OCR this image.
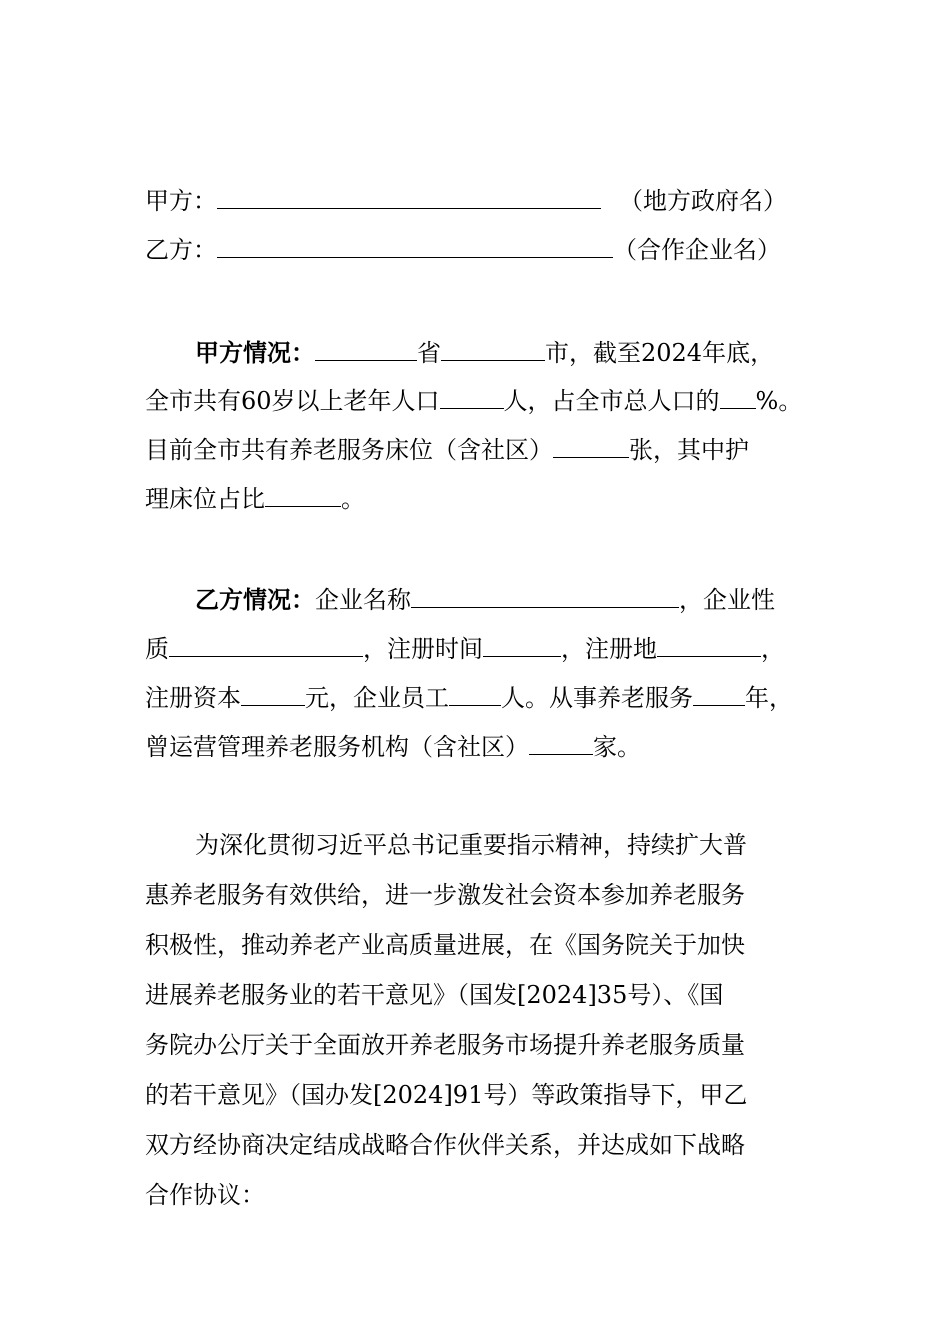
甲方：	（地方政府名）
乙方：	（合作企业名）
甲方情况：	省	市，截至2024年底，
全市共有60岁以上老年人口	人，占全市总人口的 %。
目前全市共有养老服务床位（含社区）	张，其中护
理床位占比	。
乙方情况：企业名称	，企业性
质	，注册时间	，注册地	，
注册资本	元，企业员工 人。从事养老服务 年，
曾运营管理养老服务机构（含社区）	家。
为深化贯彻习近平总书记重要指示精神，持续扩大普
惠养老服务有效供给，进一步激发社会资本参加养老服务
积极性，推动养老产业高质量进展，在《国务院关于加快
进展养老服务业的若干意见》（国发[2024]35号）、《国
务院办公厅关于全面放开养老服务市场提升养老服务质量
的若干意见》（国办发[2024]91号）等政策指导下，甲乙
双方经协商决定结成战略合作伙伴关系，并达成如下战略
合作协议：
